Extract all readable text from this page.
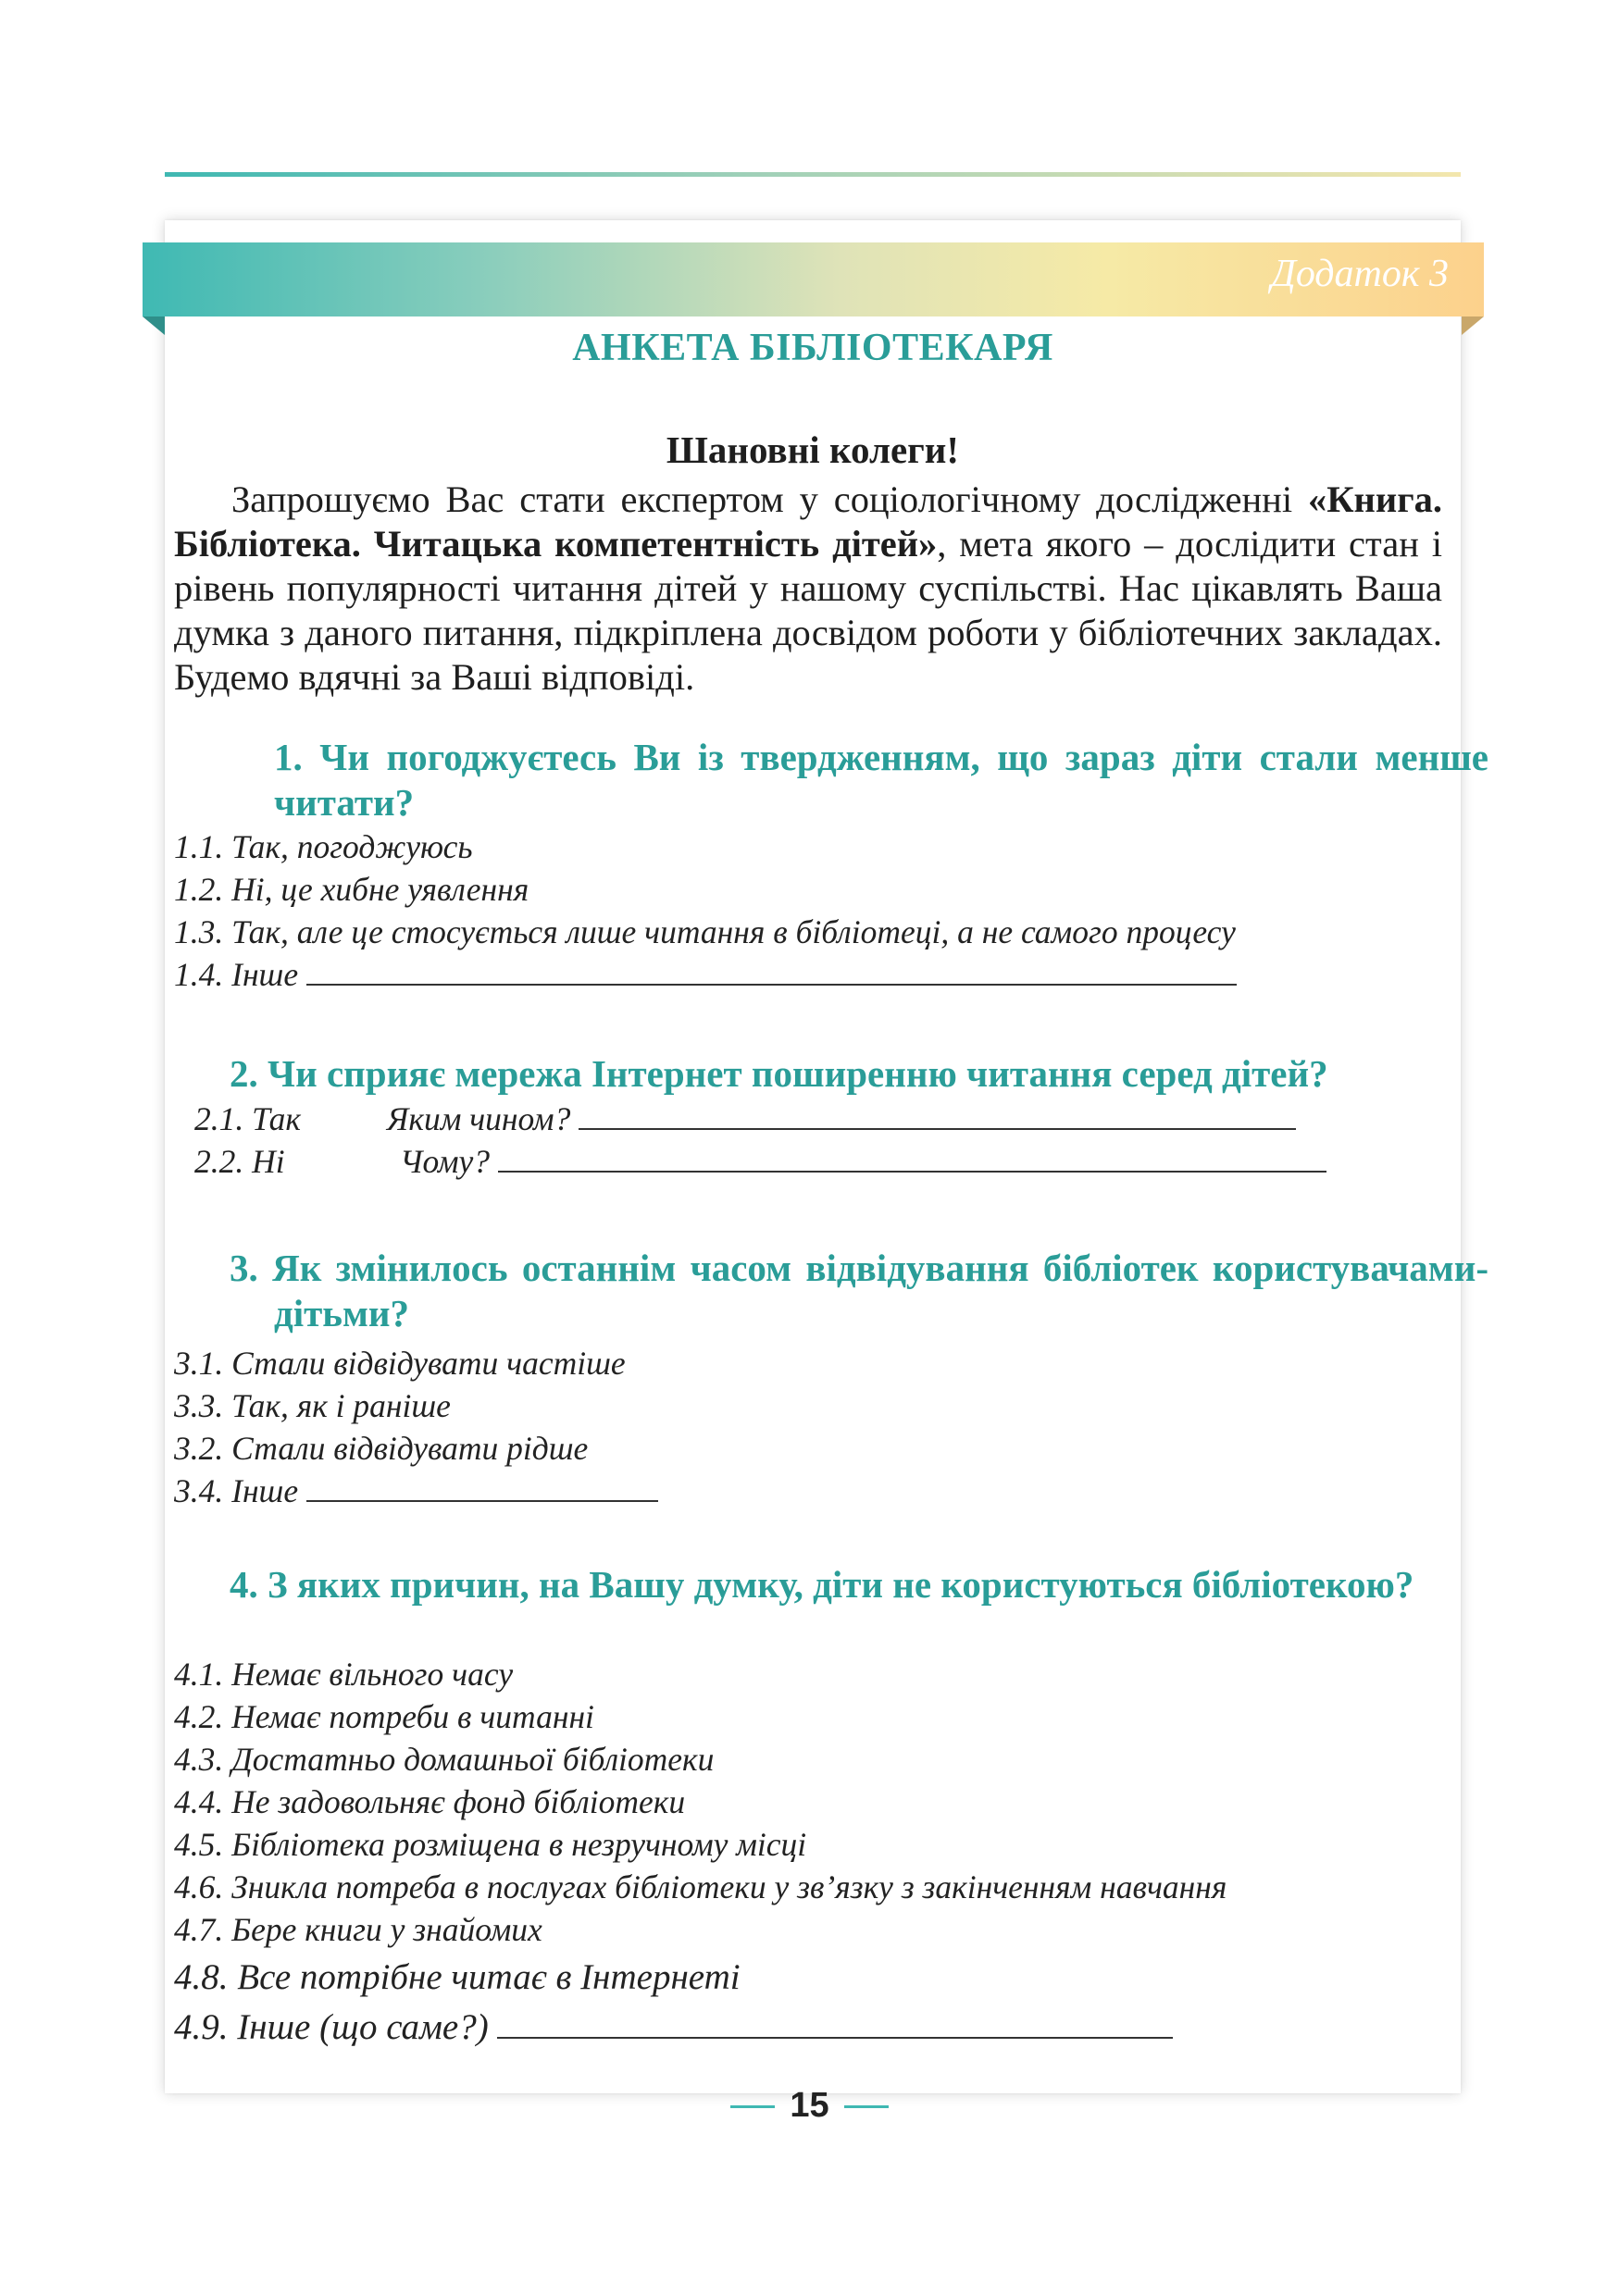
Додаток 3
АНКЕТА БІБЛІОТЕКАРЯ
Шановні колеги!

Запрошуємо Вас стати експертом у соціологічному дослідженні «Книга. Бібліотека. Читацька компетентність дітей», мета якого – дослідити стан і рівень популярності читання дітей у нашому суспільстві. Нас цікавлять Ваша думка з даного питання, підкріплена досвідом роботи у бібліотечних закладах. Будемо вдячні за Ваші відповіді.

1. Чи погоджуєтесь Ви із твердженням, що зараз діти стали менше читати?

1.1. Так, погоджуюсь

1.2. Ні, це хибне уявлення

1.3. Так, але це стосується лише читання в бібліотеці, а не самого процесу

1.4. Інше

2. Чи сприяє мережа Інтернет поширенню читання серед дітей?

2.1. Так	Яким чином?

2.2. Ні	Чому?

3. Як змінилось останнім часом відвідування бібліотек користувачами-дітьми?

3.1. Стали відвідувати частіше

3.3. Так, як і раніше

3.2. Стали відвідувати рідше

3.4. Інше

4. З яких причин, на Вашу думку, діти не користуються бібліотекою?

4.1. Немає вільного часу

4.2. Немає потреби в читанні

4.3. Достатньо домашньої бібліотеки

4.4. Не задовольняє фонд бібліотеки

4.5. Бібліотека розміщена в незручному місці

4.6. Зникла потреба в послугах бібліотеки у зв’язку з закінченням навчання

4.7. Бере книги у знайомих

4.8. Все потрібне читає в Інтернеті

4.9. Інше (що саме?)

15
